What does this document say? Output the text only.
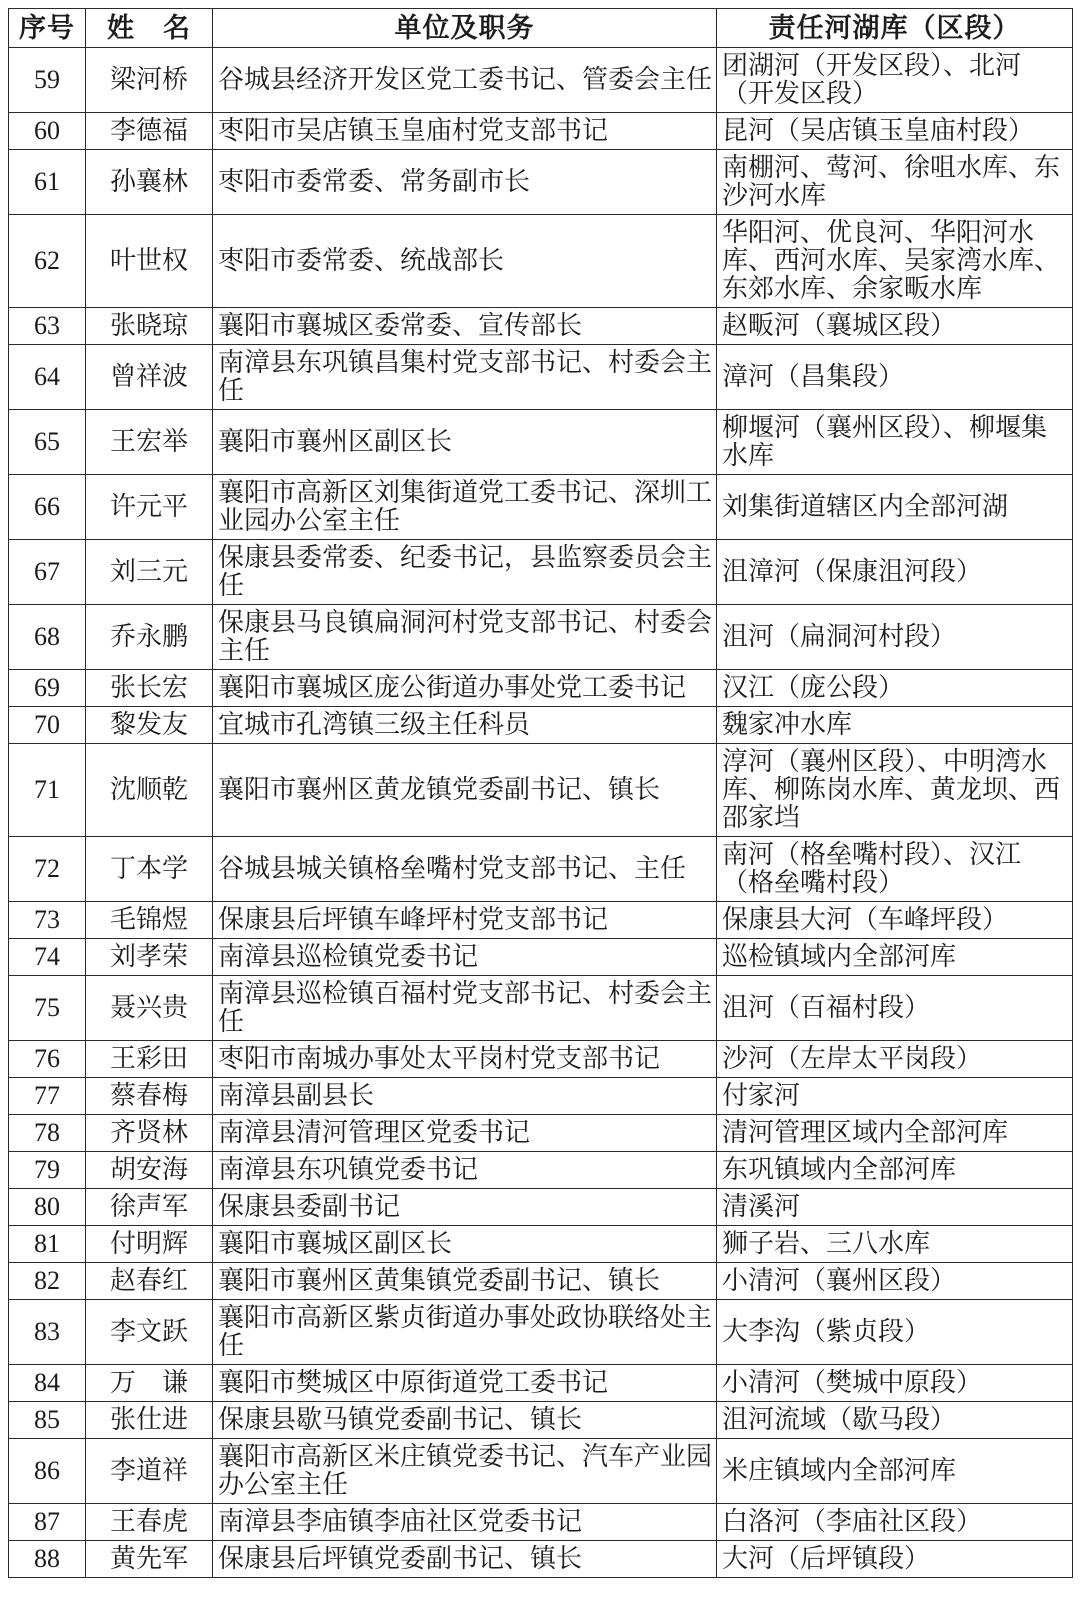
序号	姓　名	单位及职务	责任河湖库（区段）
59	梁河桥	谷城县经济开发区党工委书记、管委会主任	团湖河（开发区段）、北河（开发区段）
60	李德福	枣阳市吴店镇玉皇庙村党支部书记	昆河（吴店镇玉皇庙村段）
61	孙襄林	枣阳市委常委、常务副市长	南棚河、莺河、徐咀水库、东沙河水库
62	叶世权	枣阳市委常委、统战部长	华阳河、优良河、华阳河水库、西河水库、吴家湾水库、东郊水库、余家畈水库
63	张晓琼	襄阳市襄城区委常委、宣传部长	赵畈河（襄城区段）
64	曾祥波	南漳县东巩镇昌集村党支部书记、村委会主任	漳河（昌集段）
65	王宏举	襄阳市襄州区副区长	柳堰河（襄州区段）、柳堰集水库
66	许元平	襄阳市高新区刘集街道党工委书记、深圳工业园办公室主任	刘集街道辖区内全部河湖
67	刘三元	保康县委常委、纪委书记，县监察委员会主任	沮漳河（保康沮河段）
68	乔永鹏	保康县马良镇扁洞河村党支部书记、村委会主任	沮河（扁洞河村段）
69	张长宏	襄阳市襄城区庞公街道办事处党工委书记	汉江（庞公段）
70	黎发友	宜城市孔湾镇三级主任科员	魏家冲水库
71	沈顺乾	襄阳市襄州区黄龙镇党委副书记、镇长	淳河（襄州区段）、中明湾水库、柳陈岗水库、黄龙坝、西邵家垱
72	丁本学	谷城县城关镇格垒嘴村党支部书记、主任	南河（格垒嘴村段）、汉江（格垒嘴村段）
73	毛锦煜	保康县后坪镇车峰坪村党支部书记	保康县大河（车峰坪段）
74	刘孝荣	南漳县巡检镇党委书记	巡检镇域内全部河库
75	聂兴贵	南漳县巡检镇百福村党支部书记、村委会主任	沮河（百福村段）
76	王彩田	枣阳市南城办事处太平岗村党支部书记	沙河（左岸太平岗段）
77	蔡春梅	南漳县副县长	付家河
78	齐贤林	南漳县清河管理区党委书记	清河管理区域内全部河库
79	胡安海	南漳县东巩镇党委书记	东巩镇域内全部河库
80	徐声军	保康县委副书记	清溪河
81	付明辉	襄阳市襄城区副区长	狮子岩、三八水库
82	赵春红	襄阳市襄州区黄集镇党委副书记、镇长	小清河（襄州区段）
83	李文跃	襄阳市高新区紫贞街道办事处政协联络处主任	大李沟（紫贞段）
84	万　谦	襄阳市樊城区中原街道党工委书记	小清河（樊城中原段）
85	张仕进	保康县歇马镇党委副书记、镇长	沮河流域（歇马段）
86	李道祥	襄阳市高新区米庄镇党委书记、汽车产业园办公室主任	米庄镇域内全部河库
87	王春虎	南漳县李庙镇李庙社区党委书记	白洛河（李庙社区段）
88	黄先军	保康县后坪镇党委副书记、镇长	大河（后坪镇段）
